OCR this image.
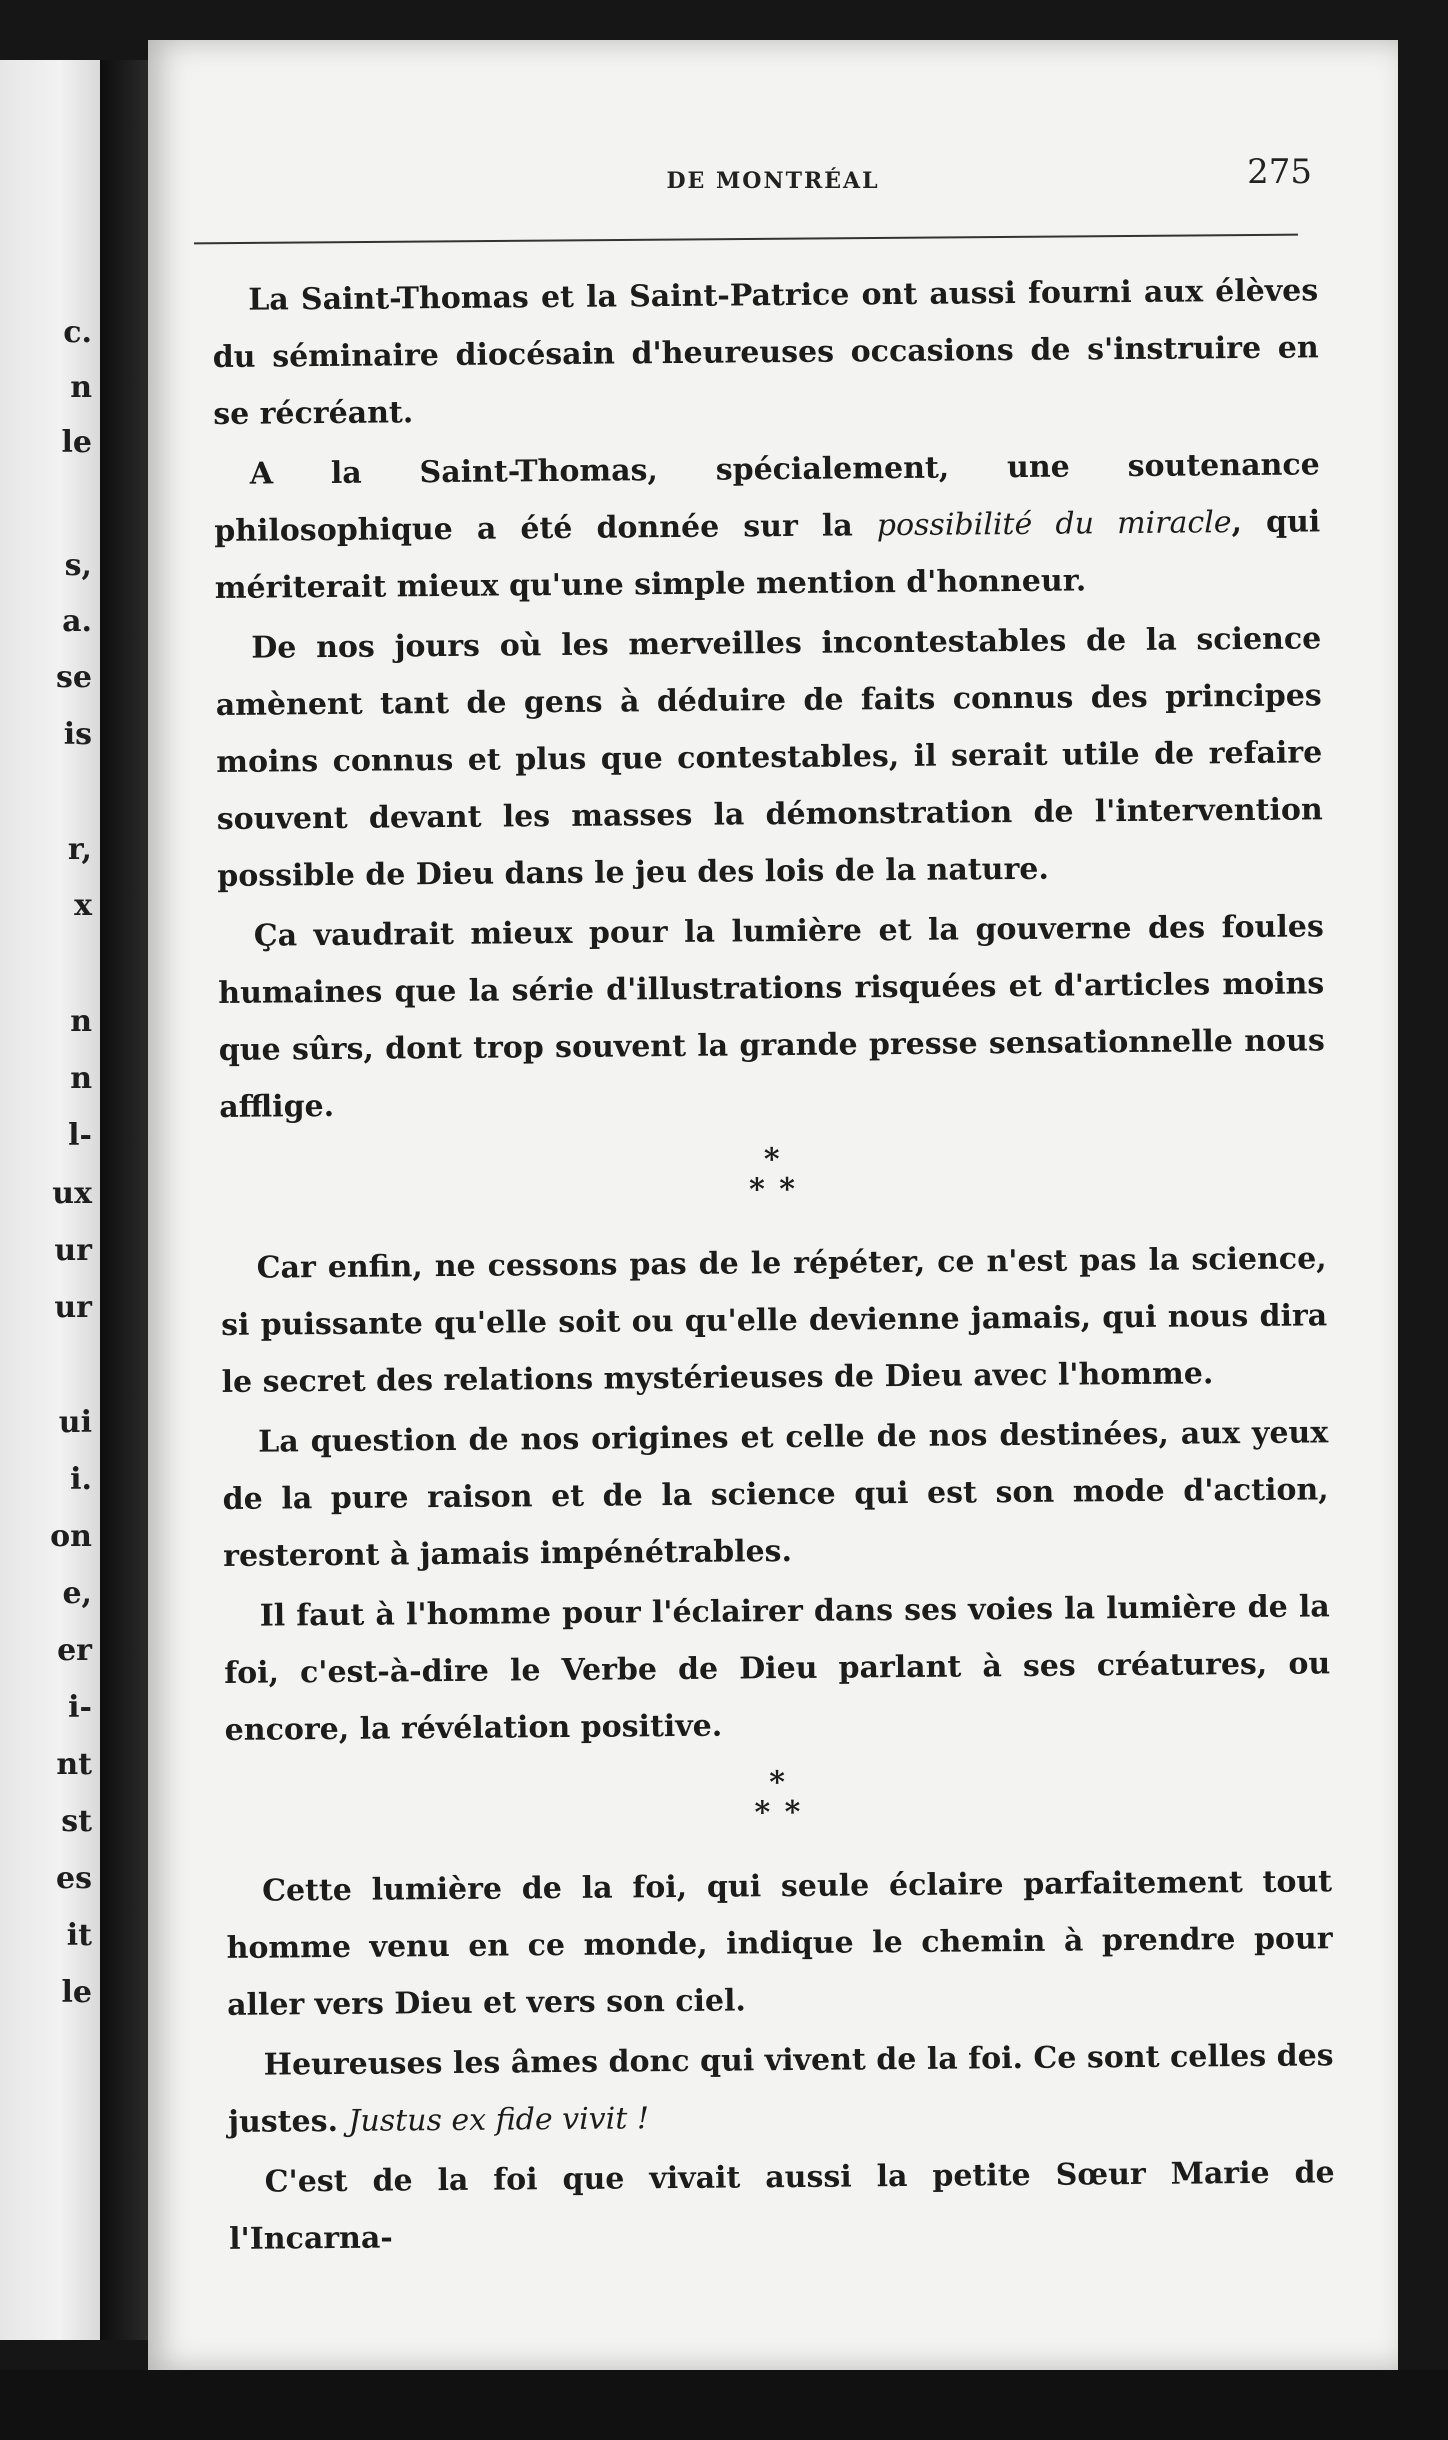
c.
n
le
s,
a.
se
is
r,
x
n
n
l-
ux
ur
ur
ui
i.
on
e,
er
i-
nt
st
es
it
le
DE MONTRÉAL	275

La Saint-Thomas et la Saint-Patrice ont aussi fourni aux élèves du séminaire diocésain d'heureuses occasions de s'instruire en se récréant.

A la Saint-Thomas, spécialement, une soutenance philosophique a été donnée sur la possibilité du miracle, qui mériterait mieux qu'une simple mention d'honneur.

De nos jours où les merveilles incontestables de la science amènent tant de gens à déduire de faits connus des principes moins connus et plus que contestables, il serait utile de refaire souvent devant les masses la démonstration de l'intervention possible de Dieu dans le jeu des lois de la nature.

Ça vaudrait mieux pour la lumière et la gouverne des foules humaines que la série d'illustrations risquées et d'articles moins que sûrs, dont trop souvent la grande presse sensationnelle nous afflige.

*
* *

Car enfin, ne cessons pas de le répéter, ce n'est pas la science, si puissante qu'elle soit ou qu'elle devienne jamais, qui nous dira le secret des relations mystérieuses de Dieu avec l'homme.

La question de nos origines et celle de nos destinées, aux yeux de la pure raison et de la science qui est son mode d'action, resteront à jamais impénétrables.

Il faut à l'homme pour l'éclairer dans ses voies la lumière de la foi, c'est-à-dire le Verbe de Dieu parlant à ses créatures, ou encore, la révélation positive.

*
* *

Cette lumière de la foi, qui seule éclaire parfaitement tout homme venu en ce monde, indique le chemin à prendre pour aller vers Dieu et vers son ciel.

Heureuses les âmes donc qui vivent de la foi. Ce sont celles des justes. Justus ex fide vivit !

C'est de la foi que vivait aussi la petite Sœur Marie de l'Incarna-
